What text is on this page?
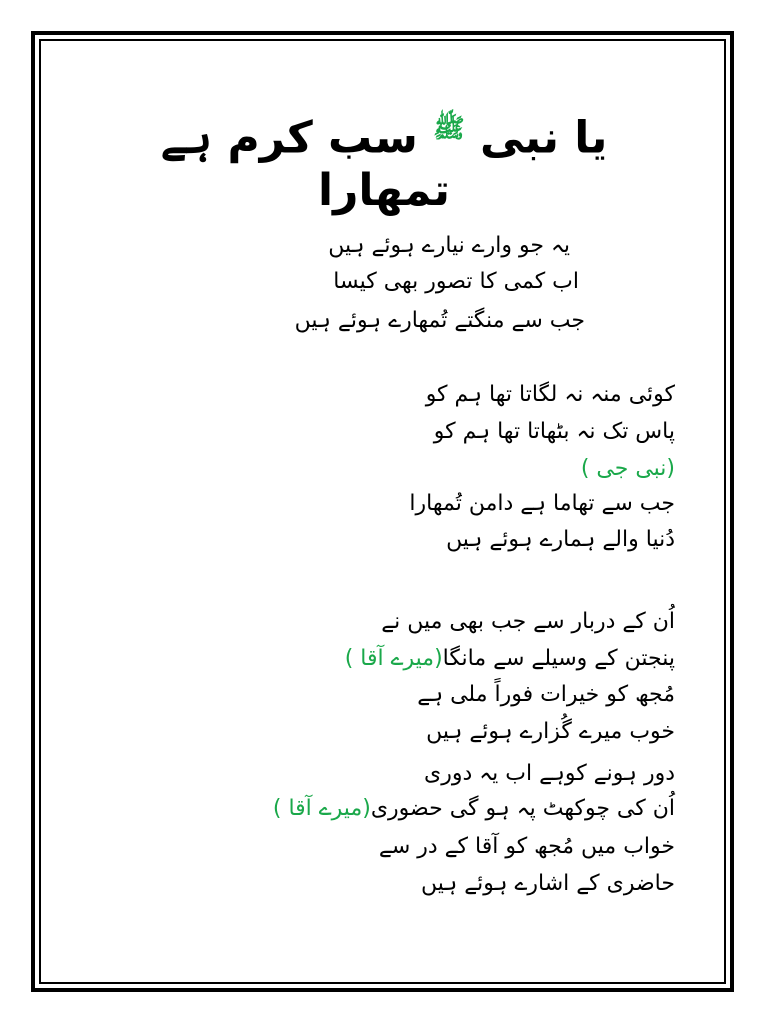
یا نبی $^ﷺ$ سب کرم ہے
تمھارا
یہ جو وارے نیارے ہوئے ہیں
اب کمی کا تصور بھی کیسا
جب سے منگتے تُمھارے ہوئے ہیں
کوئی منہ نہ لگاتا تھا ہم کو
پاس تک نہ بٹھاتا تھا ہم کو
(نبی جی )
جب سے تھاما ہے دامن تُمھارا
دُنیا والے ہمارے ہوئے ہیں
اُن کے دربار سے جب بھی میں نے
پنجتن کے وسیلے سے مانگا(میرے آقا )
مُجھ کو خیرات فوراً ملی ہے
خوب میرے گُزارے ہوئے ہیں
دور ہونے کوہے اب یہ دوری
اُن کی چوکھٹ پہ ہو گی حضوری(میرے آقا )
خواب میں مُجھ کو آقا کے در سے
حاضری کے اشارے ہوئے ہیں
